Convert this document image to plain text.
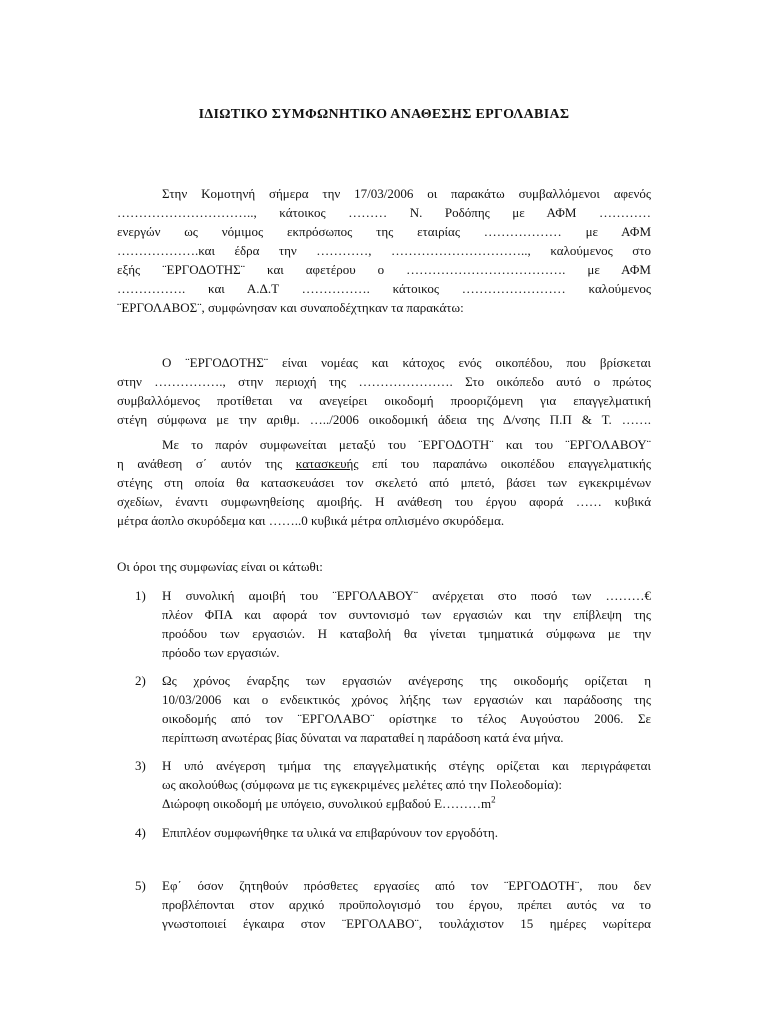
ΙΔΙΩΤΙΚΟ ΣΥΜΦΩΝΗΤΙΚΟ ΑΝΑΘΕΣΗΣ ΕΡΓΟΛΑΒΙΑΣ
Στην Κομοτηνή σήμερα την 17/03/2006 οι παρακάτω συμβαλλόμενοι αφενός
………………………….., κάτοικος ……… Ν. Ροδόπης με ΑΦΜ …………
ενεργών ως νόμιμος εκπρόσωπος της εταιρίας ……………… με ΑΦΜ
……………….και έδρα την …………, ………………………….., καλούμενος στο
εξής ¨ΕΡΓΟΔΟΤΗΣ¨ και αφετέρου ο ………………………………. με ΑΦΜ
……………. και Α.Δ.Τ ……………. κάτοικος …………………… καλούμενος
¨ΕΡΓΟΛΑΒΟΣ¨, συμφώνησαν και συναποδέχτηκαν τα παρακάτω:
Ο ¨ΕΡΓΟΔΟΤΗΣ¨ είναι νομέας και κάτοχος ενός οικοπέδου, που βρίσκεται
στην ……………., στην περιοχή της …………………. Στο οικόπεδο αυτό ο πρώτος
συμβαλλόμενος προτίθεται να ανεγείρει οικοδομή προοριζόμενη για επαγγελματική
στέγη σύμφωνα με την αριθμ. …../2006 οικοδομική άδεια της Δ/νσης Π.Π & Τ. …….
Με το παρόν συμφωνείται μεταξύ του ¨ΕΡΓΟΔΟΤΗ¨ και του ¨ΕΡΓΟΛΑΒΟΥ¨
η ανάθεση σ΄ αυτόν της κατασκευής επί του παραπάνω οικοπέδου επαγγελματικής
στέγης στη οποία θα κατασκευάσει τον σκελετό από μπετό, βάσει των εγκεκριμένων
σχεδίων, έναντι συμφωνηθείσης αμοιβής. Η ανάθεση του έργου αφορά …… κυβικά
μέτρα άοπλο σκυρόδεμα και ……..0 κυβικά μέτρα οπλισμένο σκυρόδεμα.
Οι όροι της συμφωνίας είναι οι κάτωθι:
1) Η συνολική αμοιβή του ¨ΕΡΓΟΛΑΒΟΥ¨ ανέρχεται στο ποσό των ………€
πλέον ΦΠΑ και αφορά τον συντονισμό των εργασιών και την επίβλεψη της
προόδου των εργασιών. Η καταβολή θα γίνεται τμηματικά σύμφωνα με την
πρόοδο των εργασιών.
2) Ως χρόνος έναρξης των εργασιών ανέγερσης της οικοδομής ορίζεται η
10/03/2006 και ο ενδεικτικός χρόνος λήξης των εργασιών και παράδοσης της
οικοδομής από τον ¨ΕΡΓΟΛΑΒΟ¨ ορίστηκε το τέλος Αυγούστου 2006. Σε
περίπτωση ανωτέρας βίας δύναται να παραταθεί η παράδοση κατά ένα μήνα.
3) Η υπό ανέγερση τμήμα της επαγγελματικής στέγης ορίζεται και περιγράφεται
ως ακολούθως (σύμφωνα με τις εγκεκριμένες μελέτες από την Πολεοδομία):
Διώροφη οικοδομή με υπόγειο, συνολικού εμβαδού $E\dots\dots\dots m^2$
4) Επιπλέον συμφωνήθηκε τα υλικά να επιβαρύνουν τον εργοδότη.
5) Εφ΄ όσον ζητηθούν πρόσθετες εργασίες από τον ¨ΕΡΓΟΔΟΤΗ¨, που δεν
προβλέπονται στον αρχικό προϋπολογισμό του έργου, πρέπει αυτός να το
γνωστοποιεί έγκαιρα στον ¨ΕΡΓΟΛΑΒΟ¨, τουλάχιστον 15 ημέρες νωρίτερα
